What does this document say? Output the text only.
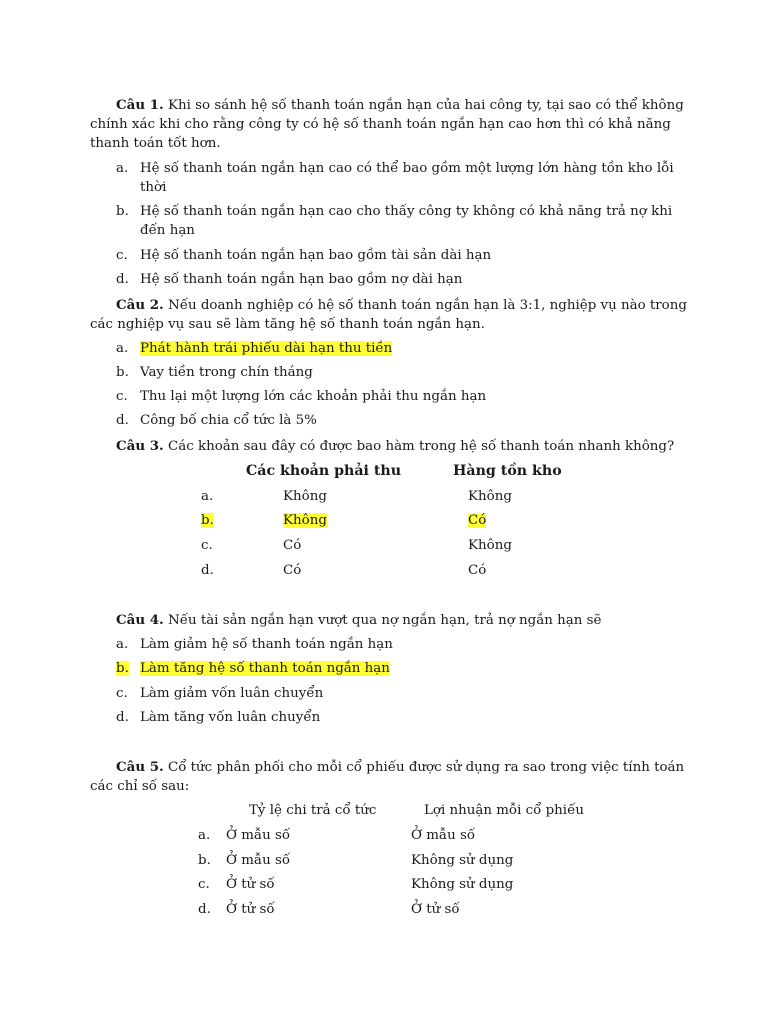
Câu 1. Khi so sánh hệ số thanh toán ngắn hạn của hai công ty, tại sao có thể không
chính xác khi cho rằng công ty có hệ số thanh toán ngắn hạn cao hơn thì có khả năng
thanh toán tốt hơn.
a. Hệ số thanh toán ngắn hạn cao có thể bao gồm một lượng lớn hàng tồn kho lỗi
thời
b. Hệ số thanh toán ngắn hạn cao cho thấy công ty không có khả năng trả nợ khi
đến hạn
c. Hệ số thanh toán ngắn hạn bao gồm tài sản dài hạn
d. Hệ số thanh toán ngắn hạn bao gồm nợ dài hạn
Câu 2. Nếu doanh nghiệp có hệ số thanh toán ngắn hạn là 3:1, nghiệp vụ nào trong
các nghiệp vụ sau sẽ làm tăng hệ số thanh toán ngắn hạn.
a. Phát hành trái phiếu dài hạn thu tiền
b. Vay tiền trong chín tháng
c. Thu lại một lượng lớn các khoản phải thu ngắn hạn
d. Công bố chia cổ tức là 5%
Câu 3. Các khoản sau đây có được bao hàm trong hệ số thanh toán nhanh không?
Các khoản phải thu	Hàng tồn kho
a.	Không	Không
b.	Không	Có
c.	Có	Không
d.	Có	Có
Câu 4. Nếu tài sản ngắn hạn vượt qua nợ ngắn hạn, trả nợ ngắn hạn sẽ
a. Làm giảm hệ số thanh toán ngắn hạn
b. Làm tăng hệ số thanh toán ngắn hạn
c. Làm giảm vốn luân chuyển
d. Làm tăng vốn luân chuyển
Câu 5. Cổ tức phân phối cho mỗi cổ phiếu được sử dụng ra sao trong việc tính toán
các chỉ số sau:
Tỷ lệ chi trả cổ tức	Lợi nhuận mỗi cổ phiếu
a. Ở mẫu số	Ở mẫu số
b. Ở mẫu số	Không sử dụng
c. Ở tử số	Không sử dụng
d. Ở tử số	Ở tử số
